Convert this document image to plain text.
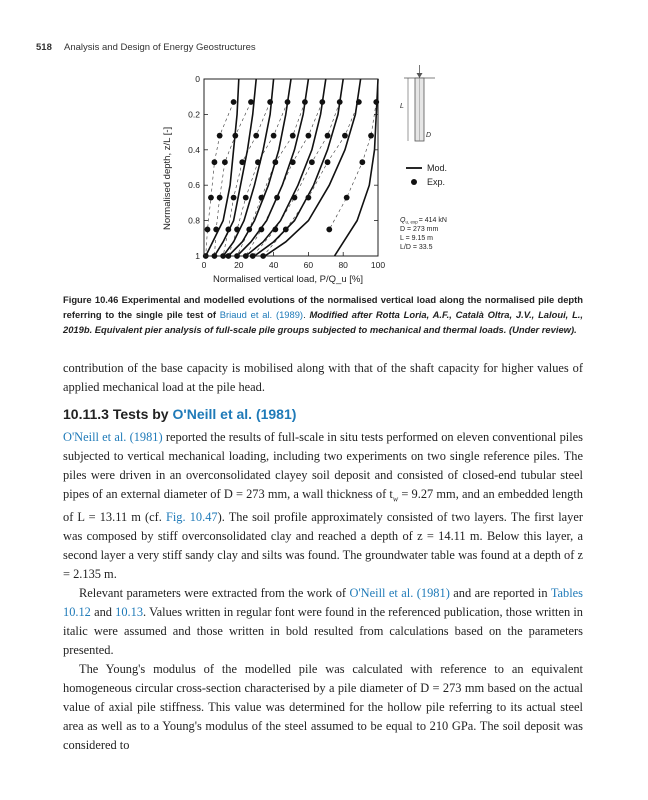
518 Analysis and Design of Energy Geostructures
0
0.2
0.4
0.6
0.8
1
0	20	40	60	80	100
Normalised depth, z/L [-]
Normalised vertical load, P/Q_u [%]
L
D
Mod.
Exp.
$Q_{u, exp}= 414$ kN
D = 273 mm
L = 9.15 m
L/D = 33.5
Figure 10.46 Experimental and modelled evolutions of the normalised vertical load along the normalised pile depth referring to the single pile test of Briaud et al. (1989). Modified after Rotta Loria, A.F., Català Oltra, J.V., Laloui, L., 2019b. Equivalent pier analysis of full-scale pile groups subjected to mechanical and thermal loads. (Under review).

contribution of the base capacity is mobilised along with that of the shaft capacity for higher values of applied mechanical load at the pile head.

10.11.3 Tests by O'Neill et al. (1981)

O'Neill et al. (1981) reported the results of full-scale in situ tests performed on eleven conventional piles subjected to vertical mechanical loading, including two experiments on two single reference piles. The piles were driven in an overconsolidated clayey soil deposit and consisted of closed-end tubular steel pipes of an external diameter of D = 273 mm, a wall thickness of $t_w = 9.27$ mm, and an embedded length of L = 13.11 m (cf. Fig. 10.47). The soil profile approximately consisted of two layers. The first layer was composed by stiff overconsolidated clay and reached a depth of z = 14.11 m. Below this layer, a second layer a very stiff sandy clay and silts was found. The groundwater table was found at a depth of z = 2.135 m.

Relevant parameters were extracted from the work of O'Neill et al. (1981) and are reported in Tables 10.12 and 10.13. Values written in regular font were found in the referenced publication, those written in italic were assumed and those written in bold resulted from calculations based on the parameters presented.

The Young's modulus of the modelled pile was calculated with reference to an equivalent homogeneous circular cross-section characterised by a pile diameter of D = 273 mm based on the actual value of axial pile stiffness. This value was determined for the hollow pile referring to its actual steel area as well as to a Young's modulus of the steel assumed to be equal to 210 GPa. The soil deposit was considered to
